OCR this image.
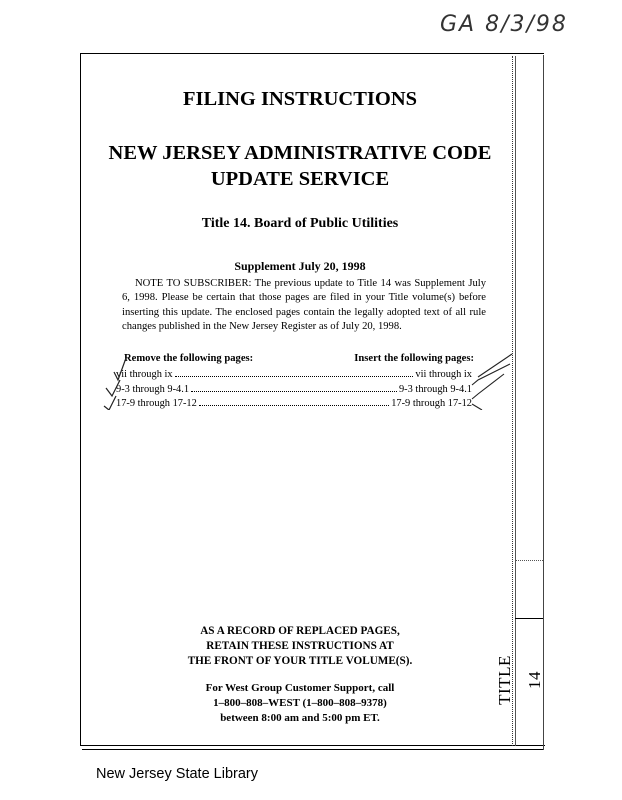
GA 8/3/98
FILING INSTRUCTIONS
NEW JERSEY ADMINISTRATIVE CODE
UPDATE SERVICE
Title 14. Board of Public Utilities
Supplement July 20, 1998
NOTE TO SUBSCRIBER: The previous update to Title 14 was Supplement July 6, 1998. Please be certain that those pages are filed in your Title volume(s) before inserting this update. The enclosed pages contain the legally adopted text of all rule changes published in the New Jersey Register as of July 20, 1998.
Remove the following pages:	Insert the following pages:
vii through ix	vii through ix
9-3 through 9-4.1	9-3 through 9-4.1
17-9 through 17-12	17-9 through 17-12
AS A RECORD OF REPLACED PAGES,
RETAIN THESE INSTRUCTIONS AT
THE FRONT OF YOUR TITLE VOLUME(S).
For West Group Customer Support, call
1–800–808–WEST (1–800–808–9378)
between 8:00 am and 5:00 pm ET.
TITLE 14
New Jersey State Library
